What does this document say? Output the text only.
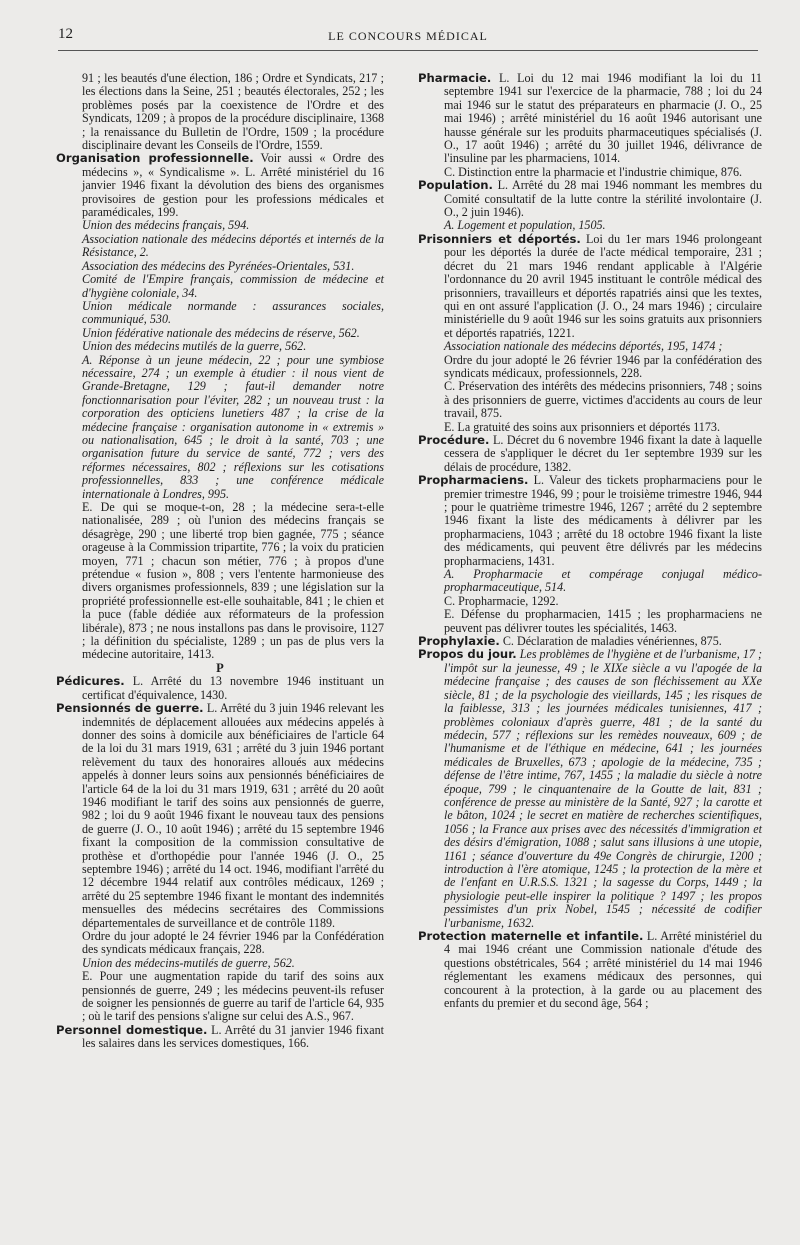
12	LE CONCOURS MÉDICAL

91 ; les beautés d'une élection, 186 ; Ordre et Syndicats, 217 ; les élections dans la Seine, 251 ; beautés électorales, 252 ; les problèmes posés par la coexistence de l'Ordre et des Syndicats, 1209 ; à propos de la procédure disciplinaire, 1368 ; la renaissance du Bulletin de l'Ordre, 1509 ; la procédure disciplinaire devant les Conseils de l'Ordre, 1559.

Organisation professionnelle. Voir aussi « Ordre des médecins », « Syndicalisme ». L. Arrêté ministériel du 16 janvier 1946 fixant la dévolution des biens des organismes provisoires de gestion pour les professions médicales et paramédicales, 199.

Union des médecins français, 594.

Association nationale des médecins déportés et internés de la Résistance, 2.

Association des médecins des Pyrénées-Orientales, 531.

Comité de l'Empire français, commission de médecine et d'hygiène coloniale, 34.

Union médicale normande : assurances sociales, communiqué, 530.

Union fédérative nationale des médecins de réserve, 562.

Union des médecins mutilés de la guerre, 562.

A. Réponse à un jeune médecin, 22 ; pour une symbiose nécessaire, 274 ; un exemple à étudier : il nous vient de Grande-Bretagne, 129 ; faut-il demander notre fonctionnarisation pour l'éviter, 282 ; un nouveau trust : la corporation des opticiens lunetiers 487 ; la crise de la médecine française : organisation autonome in « extremis » ou nationalisation, 645 ; le droit à la santé, 703 ; une organisation future du service de santé, 772 ; vers des réformes nécessaires, 802 ; réflexions sur les cotisations professionnelles, 833 ; une conférence médicale internationale à Londres, 995.

E. De qui se moque-t-on, 28 ; la médecine sera-t-elle nationalisée, 289 ; où l'union des médecins français se désagrège, 290 ; une liberté trop bien gagnée, 775 ; séance orageuse à la Commission tripartite, 776 ; la voix du praticien moyen, 771 ; chacun son métier, 776 ; à propos d'une prétendue « fusion », 808 ; vers l'entente harmonieuse des divers organismes professionnels, 839 ; une législation sur la propriété professionnelle est-elle souhaitable, 841 ; le chien et la puce (fable dédiée aux réformateurs de la profession libérale), 873 ; ne nous installons pas dans le provisoire, 1127 ; la définition du spécialiste, 1289 ; un pas de plus vers la médecine autoritaire, 1413.

P

Pédicures. L. Arrêté du 13 novembre 1946 instituant un certificat d'équivalence, 1430.

Pensionnés de guerre. L. Arrêté du 3 juin 1946 relevant les indemnités de déplacement allouées aux médecins appelés à donner des soins à domicile aux bénéficiaires de l'article 64 de la loi du 31 mars 1919, 631 ; arrêté du 3 juin 1946 portant relèvement du taux des honoraires alloués aux médecins appelés à donner leurs soins aux pensionnés bénéficiaires de l'article 64 de la loi du 31 mars 1919, 631 ; arrêté du 20 août 1946 modifiant le tarif des soins aux pensionnés de guerre, 982 ; loi du 9 août 1946 fixant le nouveau taux des pensions de guerre (J. O., 10 août 1946) ; arrêté du 15 septembre 1946 fixant la composition de la commission consultative de prothèse et d'orthopédie pour l'année 1946 (J. O., 25 septembre 1946) ; arrêté du 14 oct. 1946, modifiant l'arrêté du 12 décembre 1944 relatif aux contrôles médicaux, 1269 ; arrêté du 25 septembre 1946 fixant le montant des indemnités mensuelles des médecins secrétaires des Commissions départementales de surveillance et de contrôle 1189.

Ordre du jour adopté le 24 février 1946 par la Confédération des syndicats médicaux français, 228.

Union des médecins-mutilés de guerre, 562.

E. Pour une augmentation rapide du tarif des soins aux pensionnés de guerre, 249 ; les médecins peuvent-ils refuser de soigner les pensionnés de guerre au tarif de l'article 64, 935 ; où le tarif des pensions s'aligne sur celui des A.S., 967.

Personnel domestique. L. Arrêté du 31 janvier 1946 fixant les salaires dans les services domestiques, 166.

Pharmacie. L. Loi du 12 mai 1946 modifiant la loi du 11 septembre 1941 sur l'exercice de la pharmacie, 788 ; loi du 24 mai 1946 sur le statut des préparateurs en pharmacie (J. O., 25 mai 1946) ; arrêté ministériel du 16 août 1946 autorisant une hausse générale sur les produits pharmaceutiques spécialisés (J. O., 17 août 1946) ; arrêté du 30 juillet 1946, délivrance de l'insuline par les pharmaciens, 1014.

C. Distinction entre la pharmacie et l'industrie chimique, 876.

Population. L. Arrêté du 28 mai 1946 nommant les membres du Comité consultatif de la lutte contre la stérilité involontaire (J. O., 2 juin 1946).

A. Logement et population, 1505.

Prisonniers et déportés. Loi du 1er mars 1946 prolongeant pour les déportés la durée de l'acte médical temporaire, 231 ; décret du 21 mars 1946 rendant applicable à l'Algérie l'ordonnance du 20 avril 1945 instituant le contrôle médical des prisonniers, travailleurs et déportés rapatriés ainsi que les textes, qui en ont assuré l'application (J. O., 24 mars 1946) ; circulaire ministérielle du 9 août 1946 sur les soins gratuits aux prisonniers et déportés rapatriés, 1221.

Association nationale des médecins déportés, 195, 1474 ;

Ordre du jour adopté le 26 février 1946 par la confédération des syndicats médicaux, professionnels, 228.

C. Préservation des intérêts des médecins prisonniers, 748 ; soins à des prisonniers de guerre, victimes d'accidents au cours de leur travail, 875.

E. La gratuité des soins aux prisonniers et déportés 1173.

Procédure. L. Décret du 6 novembre 1946 fixant la date à laquelle cessera de s'appliquer le décret du 1er septembre 1939 sur les délais de procédure, 1382.

Propharmaciens. L. Valeur des tickets propharmaciens pour le premier trimestre 1946, 99 ; pour le troisième trimestre 1946, 944 ; pour le quatrième trimestre 1946, 1267 ; arrêté du 2 septembre 1946 fixant la liste des médicaments à délivrer par les propharmaciens, 1043 ; arrêté du 18 octobre 1946 fixant la liste des médicaments, qui peuvent être délivrés par les médecins propharmaciens, 1431.

A. Propharmacie et compérage conjugal médico-propharmaceutique, 514.

C. Propharmacie, 1292.

E. Défense du propharmacien, 1415 ; les propharmaciens ne peuvent pas délivrer toutes les spécialités, 1463.

Prophylaxie. C. Déclaration de maladies vénériennes, 875.

Propos du jour. Les problèmes de l'hygiène et de l'urbanisme, 17 ; l'impôt sur la jeunesse, 49 ; le XIXe siècle a vu l'apogée de la médecine française ; des causes de son fléchissement au XXe siècle, 81 ; de la psychologie des vieillards, 145 ; les risques de la faiblesse, 313 ; les journées médicales tunisiennes, 417 ; problèmes coloniaux d'après guerre, 481 ; de la santé du médecin, 577 ; réflexions sur les remèdes nouveaux, 609 ; de l'humanisme et de l'éthique en médecine, 641 ; les journées médicales de Bruxelles, 673 ; apologie de la médecine, 735 ; défense de l'être intime, 767, 1455 ; la maladie du siècle à notre époque, 799 ; le cinquantenaire de la Goutte de lait, 831 ; conférence de presse au ministère de la Santé, 927 ; la carotte et le bâton, 1024 ; le secret en matière de recherches scientifiques, 1056 ; la France aux prises avec des nécessités d'immigration et des désirs d'émigration, 1088 ; salut sans illusions à une utopie, 1161 ; séance d'ouverture du 49e Congrès de chirurgie, 1200 ; introduction à l'ère atomique, 1245 ; la protection de la mère et de l'enfant en U.R.S.S. 1321 ; la sagesse du Corps, 1449 ; la physiologie peut-elle inspirer la politique ? 1497 ; les propos pessimistes d'un prix Nobel, 1545 ; nécessité de codifier l'urbanisme, 1632.

Protection maternelle et infantile. L. Arrêté ministériel du 4 mai 1946 créant une Commission nationale d'étude des questions obstétricales, 564 ; arrêté ministériel du 14 mai 1946 réglementant les examens médicaux des personnes, qui concourent à la protection, à la garde ou au placement des enfants du premier et du second âge, 564 ;
